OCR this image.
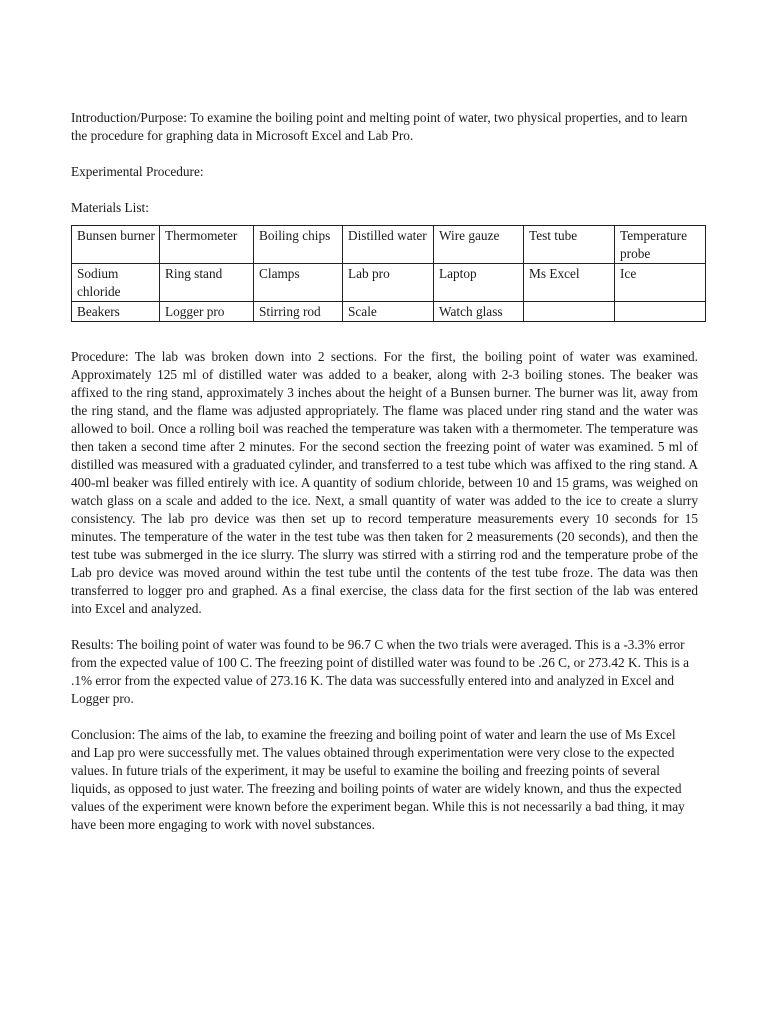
Introduction/Purpose: To examine the boiling point and melting point of water, two physical properties, and to learn the procedure for graphing data in Microsoft Excel and Lab Pro.

Experimental Procedure:

Materials List:

Bunsen burner	Thermometer	Boiling chips	Distilled water	Wire gauze	Test tube	Temperature probe
Sodium chloride	Ring stand	Clamps	Lab pro	Laptop	Ms Excel	Ice
Beakers	Logger pro	Stirring rod	Scale	Watch glass		

Procedure: The lab was broken down into 2 sections. For the first, the boiling point of water was examined. Approximately 125 ml of distilled water was added to a beaker, along with 2-3 boiling stones. The beaker was affixed to the ring stand, approximately 3 inches about the height of a Bunsen burner. The burner was lit, away from the ring stand, and the flame was adjusted appropriately. The flame was placed under ring stand and the water was allowed to boil. Once a rolling boil was reached the temperature was taken with a thermometer. The temperature was then taken a second time after 2 minutes. For the second section the freezing point of water was examined. 5 ml of distilled was measured with a graduated cylinder, and transferred to a test tube which was affixed to the ring stand. A 400-ml beaker was filled entirely with ice. A quantity of sodium chloride, between 10 and 15 grams, was weighed on watch glass on a scale and added to the ice. Next, a small quantity of water was added to the ice to create a slurry consistency. The lab pro device was then set up to record temperature measurements every 10 seconds for 15 minutes. The temperature of the water in the test tube was then taken for 2 measurements (20 seconds), and then the test tube was submerged in the ice slurry. The slurry was stirred with a stirring rod and the temperature probe of the Lab pro device was moved around within the test tube until the contents of the test tube froze. The data was then transferred to logger pro and graphed. As a final exercise, the class data for the first section of the lab was entered into Excel and analyzed.

Results: The boiling point of water was found to be 96.7 C when the two trials were averaged. This is a -3.3% error from the expected value of 100 C. The freezing point of distilled water was found to be .26 C, or 273.42 K. This is a .1% error from the expected value of 273.16 K. The data was successfully entered into and analyzed in Excel and Logger pro.

Conclusion: The aims of the lab, to examine the freezing and boiling point of water and learn the use of Ms Excel and Lap pro were successfully met. The values obtained through experimentation were very close to the expected values. In future trials of the experiment, it may be useful to examine the boiling and freezing points of several liquids, as opposed to just water. The freezing and boiling points of water are widely known, and thus the expected values of the experiment were known before the experiment began. While this is not necessarily a bad thing, it may have been more engaging to work with novel substances.
